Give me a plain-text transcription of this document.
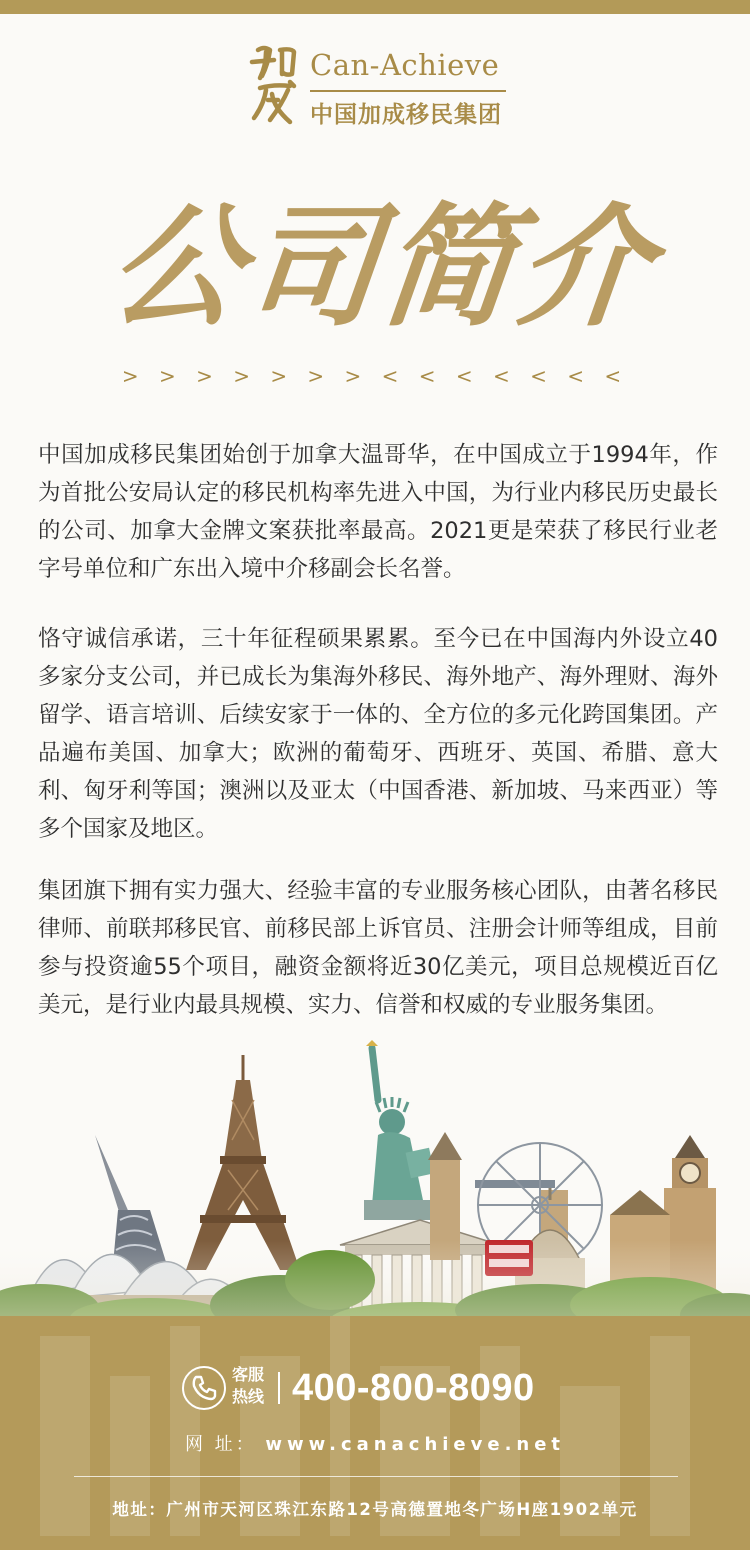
Can-Achieve
中国加成移民集团
公司简介
> > > > > > > < < < < < < <

中国加成移民集团始创于加拿大温哥华，在中国成立于1994年，作为首批公安局认定的移民机构率先进入中国，为行业内移民历史最长的公司、加拿大金牌文案获批率最高。2021更是荣获了移民行业老字号单位和广东出入境中介移副会长名誉。

恪守诚信承诺，三十年征程硕果累累。至今已在中国海内外设立40多家分支公司，并已成长为集海外移民、海外地产、海外理财、海外留学、语言培训、后续安家于一体的、全方位的多元化跨国集团。产品遍布美国、加拿大；欧洲的葡萄牙、西班牙、英国、希腊、意大利、匈牙利等国；澳洲以及亚太（中国香港、新加坡、马来西亚）等多个国家及地区。

集团旗下拥有实力强大、经验丰富的专业服务核心团队，由著名移民律师、前联邦移民官、前移民部上诉官员、注册会计师等组成，目前参与投资逾55个项目，融资金额将近30亿美元，项目总规模近百亿美元，是行业内最具规模、实力、信誉和权威的专业服务集团。

客服热线 400-800-8090
网 址： www.canachieve.net
地址：广州市天河区珠江东路12号高德置地冬广场H座1902单元
